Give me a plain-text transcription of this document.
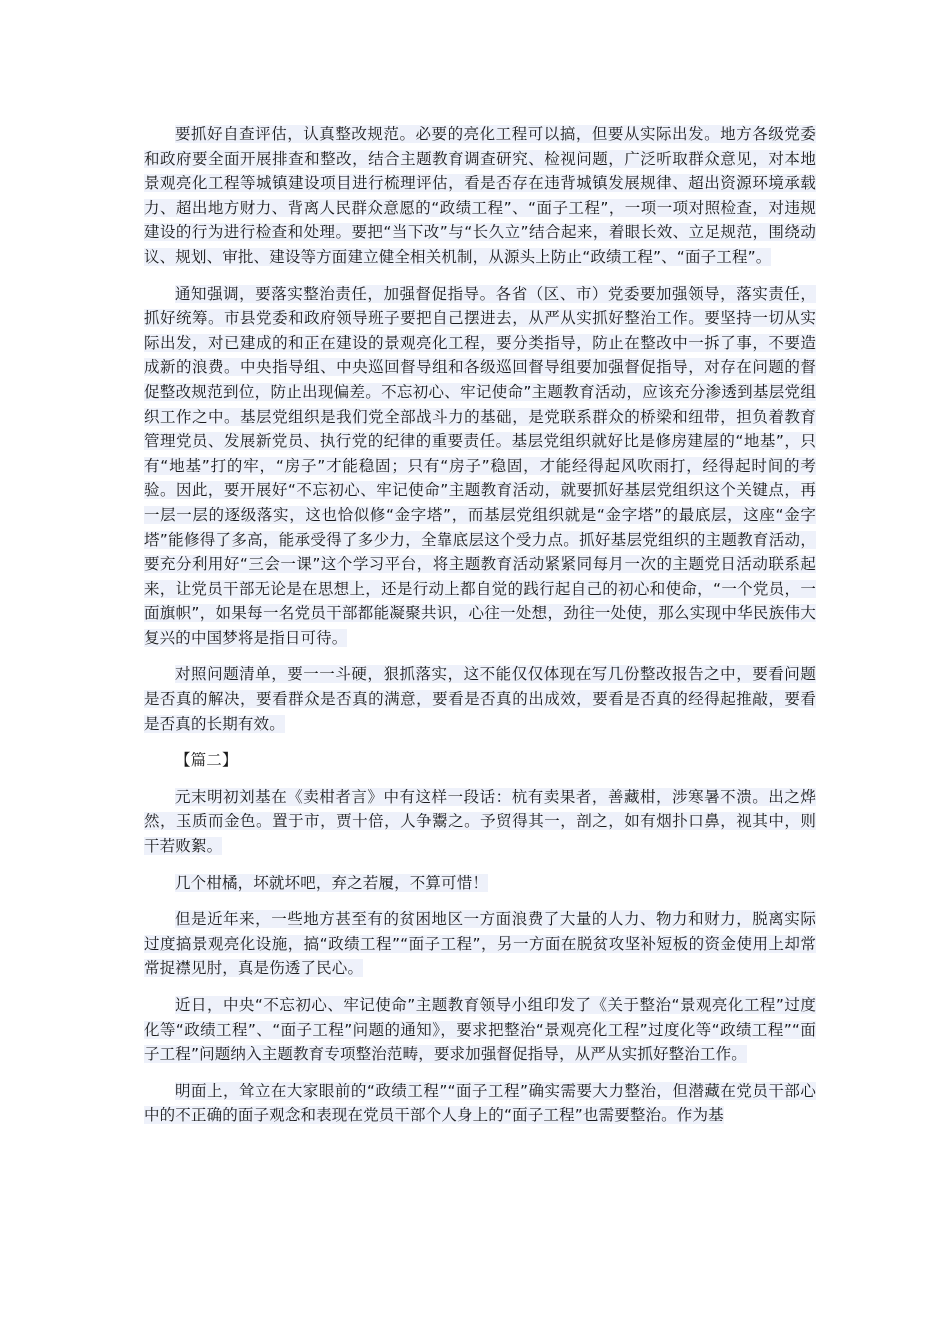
要抓好自查评估，认真整改规范。必要的亮化工程可以搞，但要从实际出发。地方各级党委和政府要全面开展排查和整改，结合主题教育调查研究、检视问题，广泛听取群众意见，对本地景观亮化工程等城镇建设项目进行梳理评估，看是否存在违背城镇发展规律、超出资源环境承载力、超出地方财力、背离人民群众意愿的“政绩工程”、“面子工程”，一项一项对照检查，对违规建设的行为进行检查和处理。要把“当下改”与“长久立”结合起来，着眼长效、立足规范，围绕动议、规划、审批、建设等方面建立健全相关机制，从源头上防止“政绩工程”、“面子工程”。

通知强调，要落实整治责任，加强督促指导。各省（区、市）党委要加强领导，落实责任，抓好统筹。市县党委和政府领导班子要把自己摆进去，从严从实抓好整治工作。要坚持一切从实际出发，对已建成的和正在建设的景观亮化工程，要分类指导，防止在整改中一拆了事，不要造成新的浪费。中央指导组、中央巡回督导组和各级巡回督导组要加强督促指导，对存在问题的督促整改规范到位，防止出现偏差。不忘初心、牢记使命”主题教育活动，应该充分渗透到基层党组织工作之中。基层党组织是我们党全部战斗力的基础，是党联系群众的桥梁和纽带，担负着教育管理党员、发展新党员、执行党的纪律的重要责任。基层党组织就好比是修房建屋的“地基”，只有“地基”打的牢，“房子”才能稳固；只有“房子”稳固，才能经得起风吹雨打，经得起时间的考验。因此，要开展好“不忘初心、牢记使命”主题教育活动，就要抓好基层党组织这个关键点，再一层一层的逐级落实，这也恰似修“金字塔”，而基层党组织就是“金字塔”的最底层，这座“金字塔”能修得了多高，能承受得了多少力，全靠底层这个受力点。抓好基层党组织的主题教育活动，要充分利用好“三会一课”这个学习平台，将主题教育活动紧紧同每月一次的主题党日活动联系起来，让党员干部无论是在思想上，还是行动上都自觉的践行起自己的初心和使命，“一个党员，一面旗帜”，如果每一名党员干部都能凝聚共识，心往一处想，劲往一处使，那么实现中华民族伟大复兴的中国梦将是指日可待。

对照问题清单，要一一斗硬，狠抓落实，这不能仅仅体现在写几份整改报告之中，要看问题是否真的解决，要看群众是否真的满意，要看是否真的出成效，要看是否真的经得起推敲，要看是否真的长期有效。

【篇二】

元末明初刘基在《卖柑者言》中有这样一段话：杭有卖果者，善藏柑，涉寒暑不溃。出之烨然，玉质而金色。置于市，贾十倍，人争鬻之。予贸得其一，剖之，如有烟扑口鼻，视其中，则干若败絮。

几个柑橘，坏就坏吧，弃之若履，不算可惜！

但是近年来，一些地方甚至有的贫困地区一方面浪费了大量的人力、物力和财力，脱离实际过度搞景观亮化设施，搞“政绩工程”“面子工程”，另一方面在脱贫攻坚补短板的资金使用上却常常捉襟见肘，真是伤透了民心。

近日，中央“不忘初心、牢记使命”主题教育领导小组印发了《关于整治“景观亮化工程”过度化等“政绩工程”、“面子工程”问题的通知》，要求把整治“景观亮化工程”过度化等“政绩工程”“面子工程”问题纳入主题教育专项整治范畴，要求加强督促指导，从严从实抓好整治工作。

明面上，耸立在大家眼前的“政绩工程”“面子工程”确实需要大力整治，但潜藏在党员干部心中的不正确的面子观念和表现在党员干部个人身上的“面子工程”也需要整治。作为基
